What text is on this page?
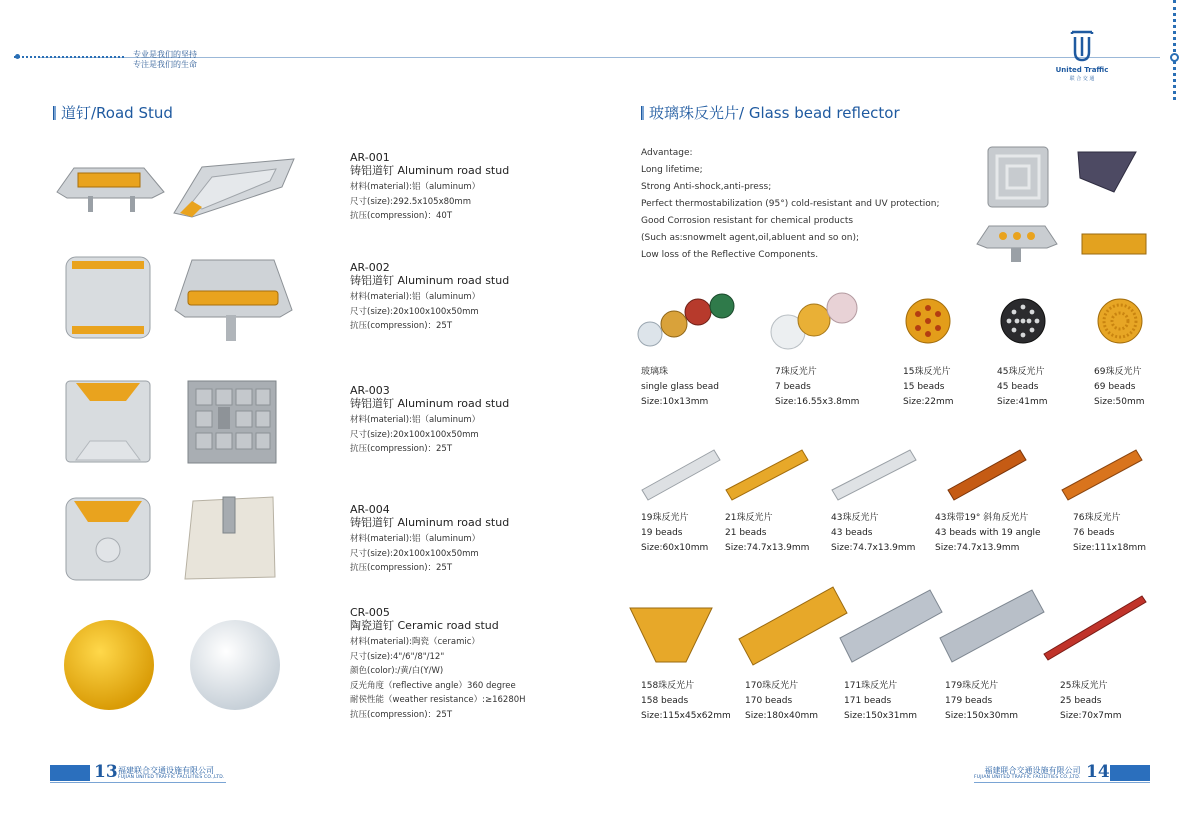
专业是我们的坚持
专注是我们的生命
United Traffic
联 合 交 通
道钉/Road Stud
AR-001
铸铝道钉 Aluminum road stud
材料(material):铝（aluminum）
尺寸(size):292.5x105x80mm
抗压(compression)：40T
AR-002
铸铝道钉 Aluminum road stud
材料(material):铝（aluminum）
尺寸(size):20x100x100x50mm
抗压(compression)：25T
AR-003
铸铝道钉 Aluminum road stud
材料(material):铝（aluminum）
尺寸(size):20x100x100x50mm
抗压(compression)：25T
AR-004
铸铝道钉 Aluminum road stud
材料(material):铝（aluminum）
尺寸(size):20x100x100x50mm
抗压(compression)：25T
CR-005
陶瓷道钉 Ceramic road stud
材料(material):陶瓷（ceramic）
尺寸(size):4"/6"/8"/12"
颜色(color):/黄/白(Y/W)
反光角度（reflective angle）360 degree
耐侯性能（weather resistance）:≥16280H
抗压(compression)：25T
玻璃珠反光片/ Glass bead reflector
Advantage:
Long lifetime;
Strong Anti-shock,anti-press;
Perfect thermostabilization (95°) cold-resistant and UV protection;
Good Corrosion resistant for chemical products
(Such as:snowmelt agent,oil,abluent and so on);
Low loss of the Reflective Components.
玻璃珠
single glass bead
Size:10x13mm
7珠反光片
7 beads
Size:16.55x3.8mm
15珠反光片
15 beads
Size:22mm
45珠反光片
45 beads
Size:41mm
69珠反光片
69 beads
Size:50mm
19珠反光片
19 beads
Size:60x10mm
21珠反光片
21 beads
Size:74.7x13.9mm
43珠反光片
43 beads
Size:74.7x13.9mm
43珠带19° 斜角反光片
43 beads with 19 angle
Size:74.7x13.9mm
76珠反光片
76 beads
Size:111x18mm
158珠反光片
158 beads
Size:115x45x62mm
170珠反光片
170 beads
Size:180x40mm
171珠反光片
171 beads
Size:150x31mm
179珠反光片
179 beads
Size:150x30mm
25珠反光片
25 beads
Size:70x7mm
13 福建联合交通设施有限公司
FUJIAN UNITED TRAFFIC FACILITIES CO.,LTD.
福建联合交通设施有限公司
FUJIAN UNITED TRAFFIC FACILITIES CO.,LTD. 14
